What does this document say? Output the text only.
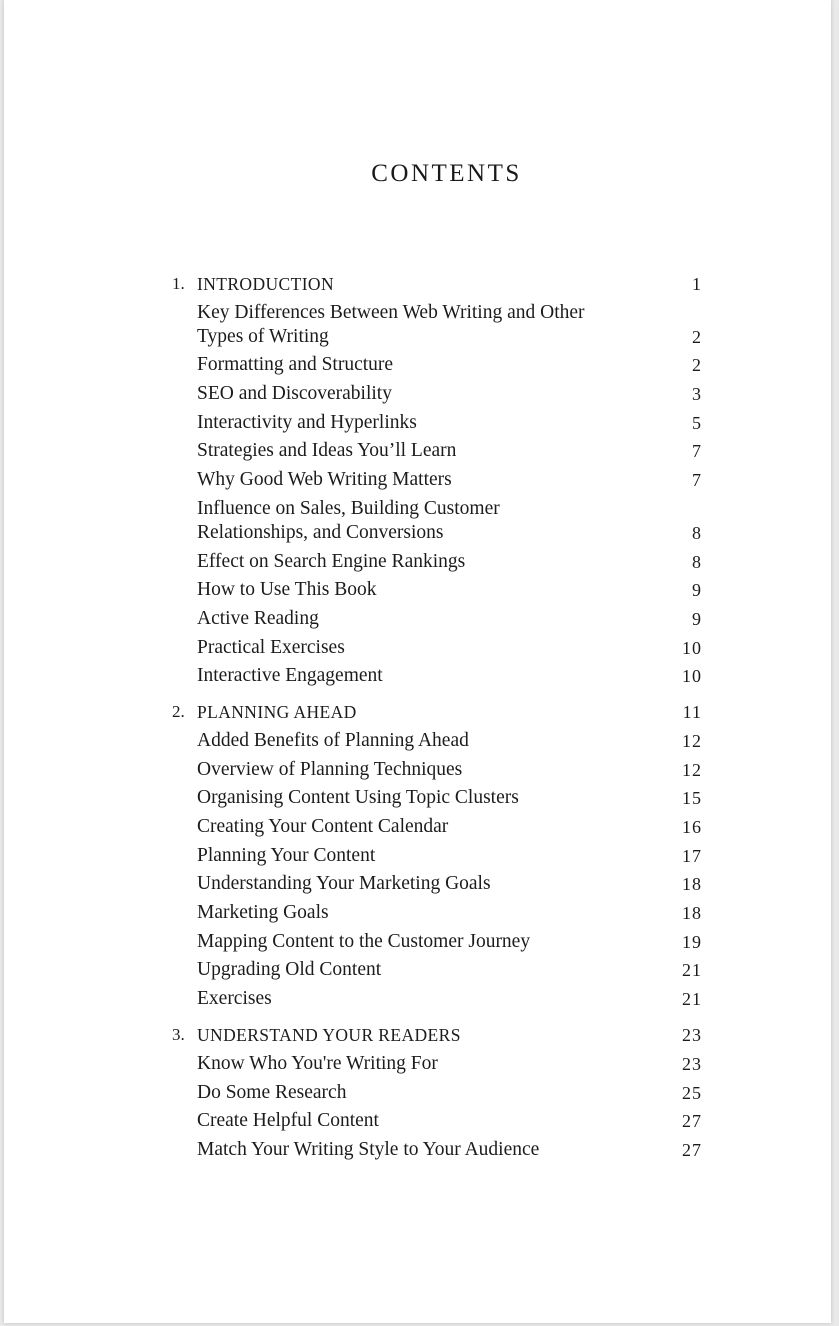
CONTENTS
1. INTRODUCTION	1
Key Differences Between Web Writing and Other Types of Writing	2
Formatting and Structure	2
SEO and Discoverability	3
Interactivity and Hyperlinks	5
Strategies and Ideas You’ll Learn	7
Why Good Web Writing Matters	7
Influence on Sales, Building Customer Relationships, and Conversions	8
Effect on Search Engine Rankings	8
How to Use This Book	9
Active Reading	9
Practical Exercises	10
Interactive Engagement	10
2. PLANNING AHEAD	11
Added Benefits of Planning Ahead	12
Overview of Planning Techniques	12
Organising Content Using Topic Clusters	15
Creating Your Content Calendar	16
Planning Your Content	17
Understanding Your Marketing Goals	18
Marketing Goals	18
Mapping Content to the Customer Journey	19
Upgrading Old Content	21
Exercises	21
3. UNDERSTAND YOUR READERS	23
Know Who You're Writing For	23
Do Some Research	25
Create Helpful Content	27
Match Your Writing Style to Your Audience	27
